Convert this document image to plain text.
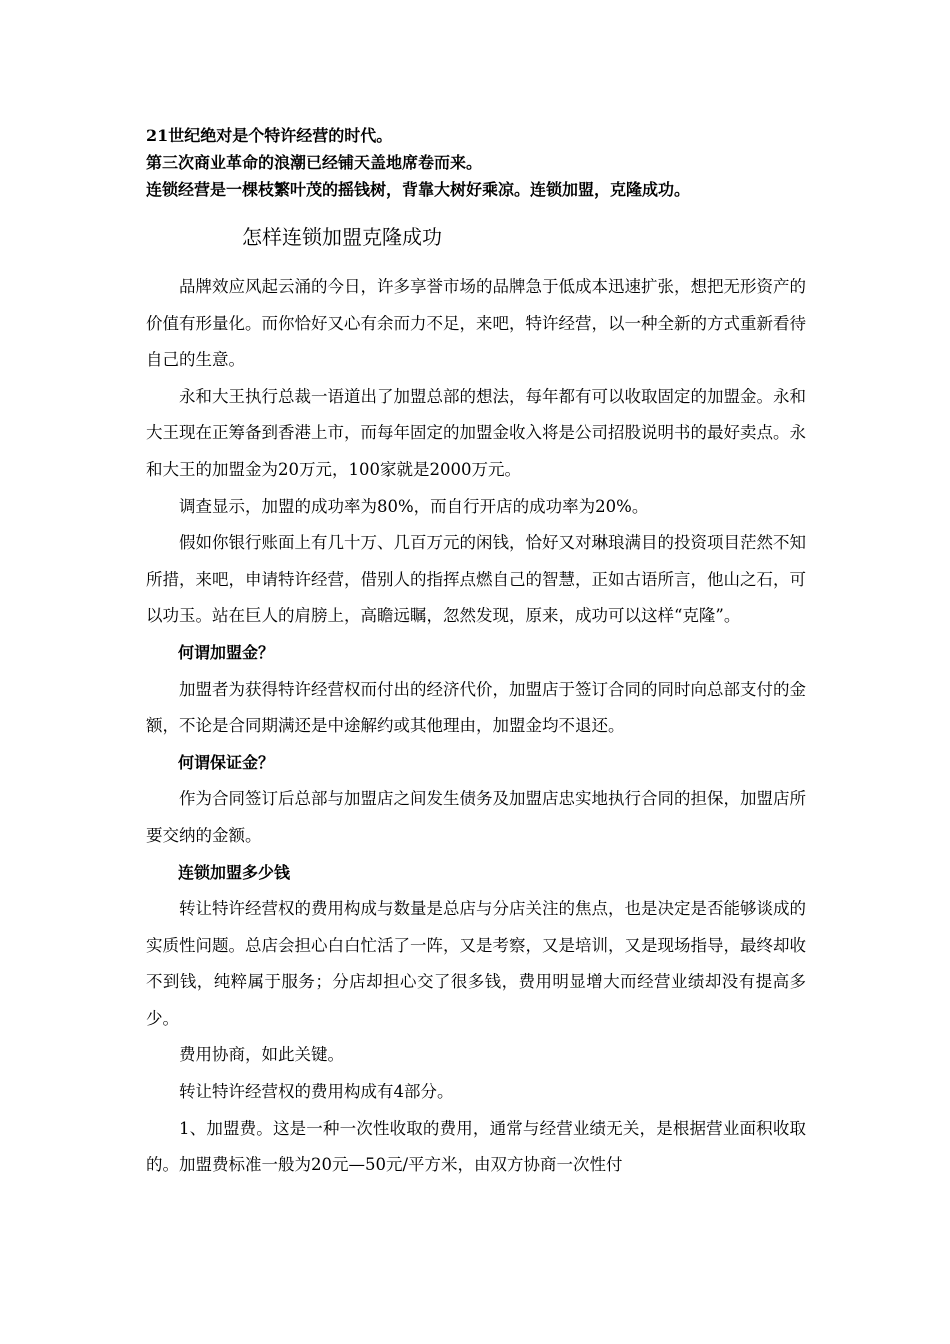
21世纪绝对是个特许经营的时代。
第三次商业革命的浪潮已经铺天盖地席卷而来。
连锁经营是一棵枝繁叶茂的摇钱树，背靠大树好乘凉。连锁加盟，克隆成功。
怎样连锁加盟克隆成功

品牌效应风起云涌的今日，许多享誉市场的品牌急于低成本迅速扩张，想把无形资产的价值有形量化。而你恰好又心有余而力不足，来吧，特许经营，以一种全新的方式重新看待自己的生意。

永和大王执行总裁一语道出了加盟总部的想法，每年都有可以收取固定的加盟金。永和大王现在正筹备到香港上市，而每年固定的加盟金收入将是公司招股说明书的最好卖点。永和大王的加盟金为20万元，100家就是2000万元。

调查显示，加盟的成功率为80%，而自行开店的成功率为20%。

假如你银行账面上有几十万、几百万元的闲钱，恰好又对琳琅满目的投资项目茫然不知所措，来吧，申请特许经营，借别人的指挥点燃自己的智慧，正如古语所言，他山之石，可以功玉。站在巨人的肩膀上，高瞻远瞩，忽然发现，原来，成功可以这样“克隆”。

何谓加盟金？

加盟者为获得特许经营权而付出的经济代价，加盟店于签订合同的同时向总部支付的金额，不论是合同期满还是中途解约或其他理由，加盟金均不退还。

何谓保证金？

作为合同签订后总部与加盟店之间发生债务及加盟店忠实地执行合同的担保，加盟店所要交纳的金额。

连锁加盟多少钱

转让特许经营权的费用构成与数量是总店与分店关注的焦点，也是决定是否能够谈成的实质性问题。总店会担心白白忙活了一阵，又是考察，又是培训，又是现场指导，最终却收不到钱，纯粹属于服务；分店却担心交了很多钱，费用明显增大而经营业绩却没有提高多少。

费用协商，如此关键。

转让特许经营权的费用构成有4部分。

1、加盟费。这是一种一次性收取的费用，通常与经营业绩无关，是根据营业面积收取的。加盟费标准一般为20元—50元/平方米，由双方协商一次性付
